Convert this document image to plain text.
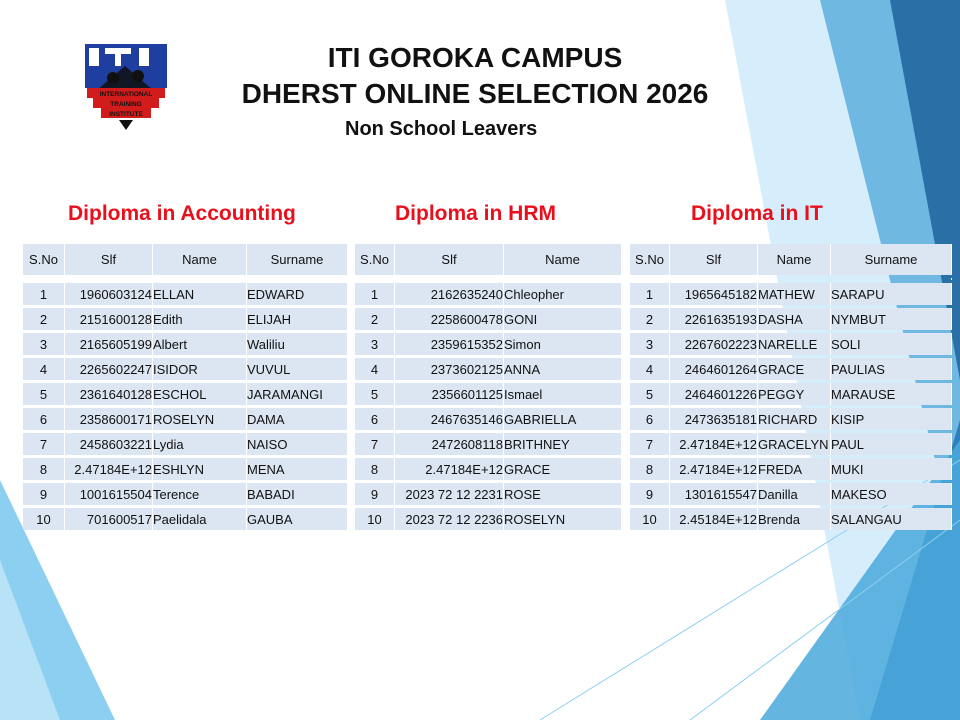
INTERNATIONAL
TRAINING
INSTITUTE
ITI GOROKA CAMPUS
DHERST ONLINE SELECTION 2026
Non School Leavers
Diploma in Accounting	Diploma in HRM	Diploma in IT
S.No	Slf	Name	Surname

1	1960603124	ELLAN	EDWARD
2	2151600128	Edith	ELIJAH
3	2165605199	Albert	Waliliu
4	2265602247	ISIDOR	VUVUL
5	2361640128	ESCHOL	JARAMANGI
6	2358600171	ROSELYN	DAMA
7	2458603221	Lydia	NAISO
8	2.47184E+12	ESHLYN	MENA
9	1001615504	Terence	BABADI
10	701600517	Paelidala	GAUBA
S.No	Slf	Name

1	2162635240	Chleopher
2	2258600478	GONI
3	2359615352	Simon
4	2373602125	ANNA
5	2356601125	Ismael
6	2467635146	GABRIELLA
7	2472608118	BRITHNEY
8	2.47184E+12	GRACE
9	2023 72 12 2231	ROSE
10	2023 72 12 2236	ROSELYN
S.No	Slf	Name	Surname

1	1965645182	MATHEW	SARAPU
2	2261635193	DASHA	NYMBUT
3	2267602223	NARELLE	SOLI
4	2464601264	GRACE	PAULIAS
5	2464601226	PEGGY	MARAUSE
6	2473635181	RICHARD	KISIP
7	2.47184E+12	GRACELYN	PAUL
8	2.47184E+12	FREDA	MUKI
9	1301615547	Danilla	MAKESO
10	2.45184E+12	Brenda	SALANGAU
